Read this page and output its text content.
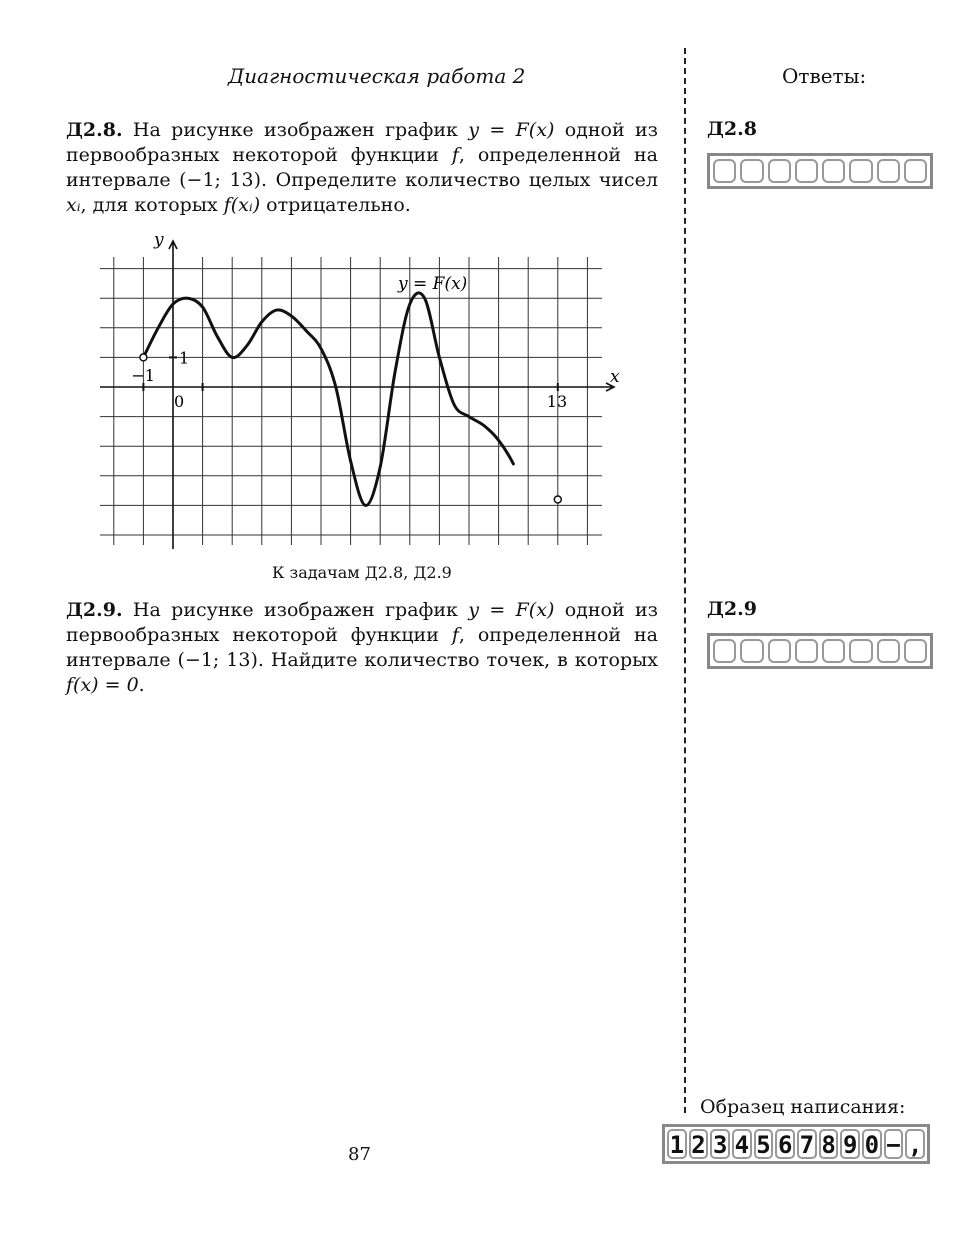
Диагностическая работа 2	Ответы:
Д2.8. На рисунке изображен график y = F(x) одной из первообразных некоторой функции f, определенной на интервале (−1; 13). Определите количество целых чисел xᵢ, для которых f(xᵢ) отрицательно.
y = F(x)
x
y
−1
0	13
1
К задачам Д2.8, Д2.9
Д2.9. На рисунке изображен график y = F(x) одной из первообразных некоторой функции f, определенной на интервале (−1; 13). Найдите количество точек, в которых f(x) = 0.
Д2.8
Д2.9
Образец написания:
1 2 3 4 5 6 7 8 9 0 − ,
87
